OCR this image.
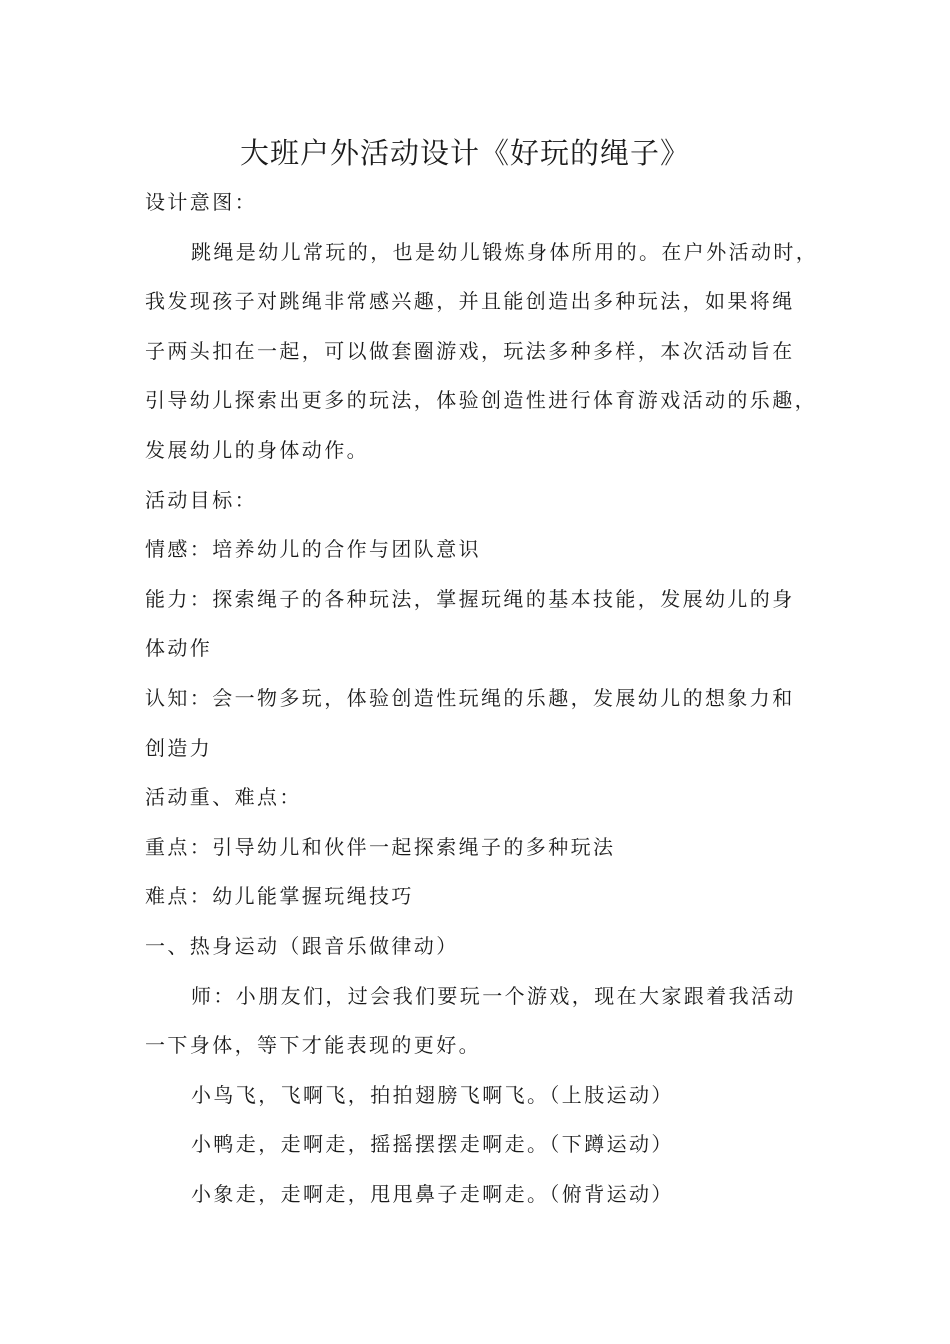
大班户外活动设计《好玩的绳子》

设计意图：

跳绳是幼儿常玩的，也是幼儿锻炼身体所用的。在户外活动时，

我发现孩子对跳绳非常感兴趣，并且能创造出多种玩法，如果将绳

子两头扣在一起，可以做套圈游戏，玩法多种多样，本次活动旨在

引导幼儿探索出更多的玩法，体验创造性进行体育游戏活动的乐趣，

发展幼儿的身体动作。

活动目标：

情感：培养幼儿的合作与团队意识

能力：探索绳子的各种玩法，掌握玩绳的基本技能，发展幼儿的身

体动作

认知：会一物多玩，体验创造性玩绳的乐趣，发展幼儿的想象力和

创造力

活动重、难点：

重点：引导幼儿和伙伴一起探索绳子的多种玩法

难点：幼儿能掌握玩绳技巧

一、热身运动（跟音乐做律动）

师：小朋友们，过会我们要玩一个游戏，现在大家跟着我活动

一下身体，等下才能表现的更好。

小鸟飞，飞啊飞，拍拍翅膀飞啊飞。（上肢运动）

小鸭走，走啊走，摇摇摆摆走啊走。（下蹲运动）

小象走，走啊走，甩甩鼻子走啊走。（俯背运动）
